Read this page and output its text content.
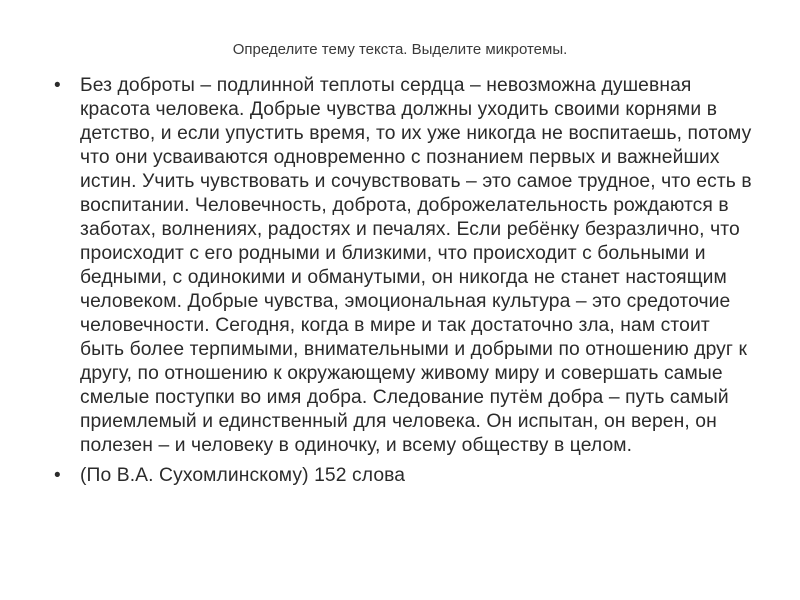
Определите тему текста. Выделите микротемы.
• Без доброты – подлинной теплоты сердца – невозможна душевная красота человека. Добрые чувства должны уходить своими корнями в детство, и если упустить время, то их уже никогда не воспитаешь, потому что они усваиваются одновременно с познанием первых и важнейших истин. Учить чувствовать и сочувствовать – это самое трудное, что есть в воспитании. Человечность, доброта, доброжелательность рождаются в заботах, волнениях, радостях и печалях. Если ребёнку безразлично, что происходит с его родными и близкими, что происходит с больными и бедными, с одинокими и обманутыми, он никогда не станет настоящим человеком. Добрые чувства, эмоциональная культура – это средоточие человечности. Сегодня, когда в мире и так достаточно зла, нам стоит быть более терпимыми, внимательными и добрыми по отношению друг к другу, по отношению к окружающему живому миру и совершать самые смелые поступки во имя добра. Следование путём добра – путь самый приемлемый и единственный для человека. Он испытан, он верен, он полезен – и человеку в одиночку, и всему обществу в целом.
• (По В.А. Сухомлинскому) 152 слова
